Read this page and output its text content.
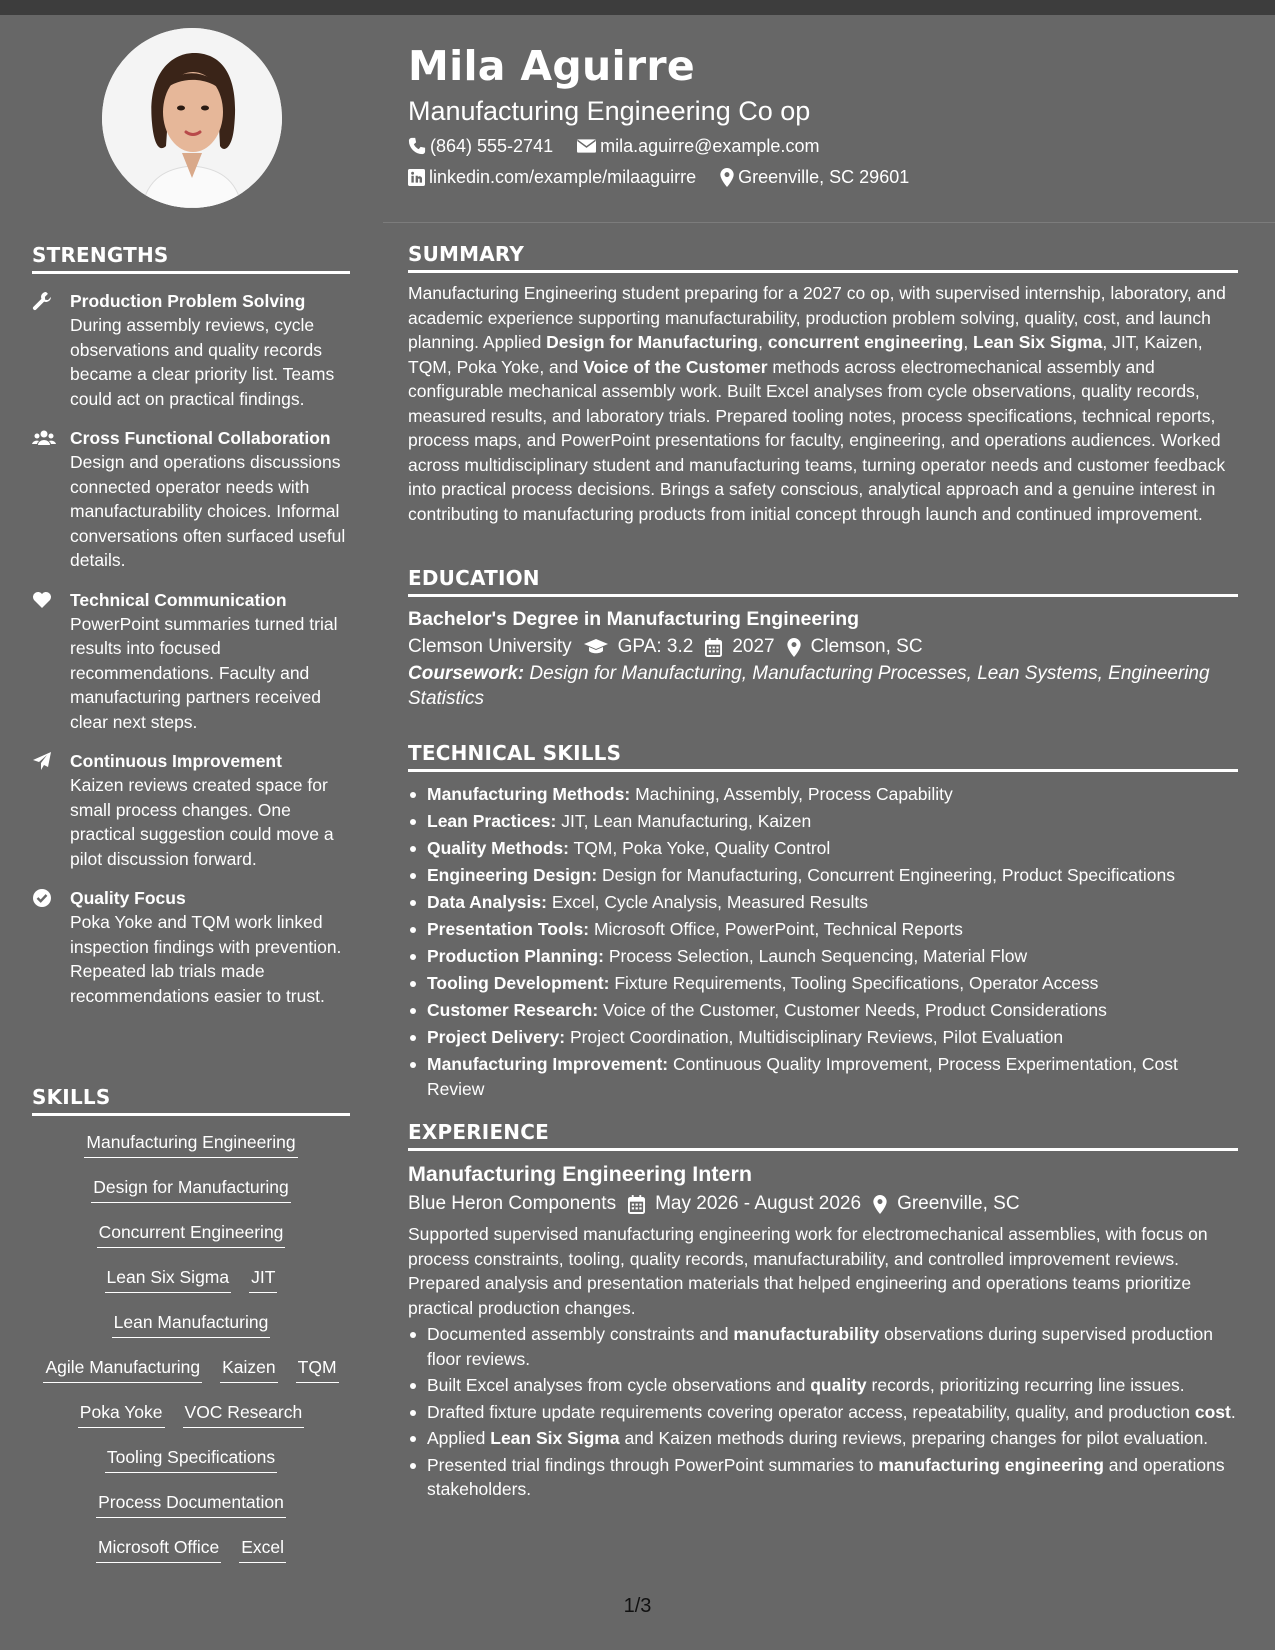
STRENGTHS
Production Problem Solving
During assembly reviews, cycle observations and quality records became a clear priority list. Teams could act on practical findings.
Cross Functional Collaboration
Design and operations discussions connected operator needs with manufacturability choices. Informal conversations often surfaced useful details.
Technical Communication
PowerPoint summaries turned trial results into focused recommendations. Faculty and manufacturing partners received clear next steps.
Continuous Improvement
Kaizen reviews created space for small process changes. One practical suggestion could move a pilot discussion forward.
Quality Focus
Poka Yoke and TQM work linked inspection findings with prevention. Repeated lab trials made recommendations easier to trust.
SKILLS
Manufacturing Engineering
Design for Manufacturing
Concurrent Engineering
Lean Six Sigma JIT
Lean Manufacturing
Agile Manufacturing Kaizen TQM
Poka Yoke VOC Research
Tooling Specifications
Process Documentation
Microsoft Office Excel
Mila Aguirre
Manufacturing Engineering Co op
(864) 555-2741	mila.aguirre@example.com
linkedin.com/example/milaaguirre Greenville, SC 29601
SUMMARY

Manufacturing Engineering student preparing for a 2027 co op, with supervised internship, laboratory, and academic experience supporting manufacturability, production problem solving, quality, cost, and launch planning. Applied Design for Manufacturing, concurrent engineering, Lean Six Sigma, JIT, Kaizen, TQM, Poka Yoke, and Voice of the Customer methods across electromechanical assembly and configurable mechanical assembly work. Built Excel analyses from cycle observations, quality records, measured results, and laboratory trials. Prepared tooling notes, process specifications, technical reports, process maps, and PowerPoint presentations for faculty, engineering, and operations audiences. Worked across multidisciplinary student and manufacturing teams, turning operator needs and customer feedback into practical process decisions. Brings a safety conscious, analytical approach and a genuine interest in contributing to manufacturing products from initial concept through launch and continued improvement.

EDUCATION
Bachelor's Degree in Manufacturing Engineering
Clemson University GPA: 3.2 2027 Clemson, SC
Coursework: Design for Manufacturing, Manufacturing Processes, Lean Systems, Engineering Statistics
TECHNICAL SKILLS
Manufacturing Methods: Machining, Assembly, Process Capability
Lean Practices: JIT, Lean Manufacturing, Kaizen
Quality Methods: TQM, Poka Yoke, Quality Control
Engineering Design: Design for Manufacturing, Concurrent Engineering, Product Specifications
Data Analysis: Excel, Cycle Analysis, Measured Results
Presentation Tools: Microsoft Office, PowerPoint, Technical Reports
Production Planning: Process Selection, Launch Sequencing, Material Flow
Tooling Development: Fixture Requirements, Tooling Specifications, Operator Access
Customer Research: Voice of the Customer, Customer Needs, Product Considerations
Project Delivery: Project Coordination, Multidisciplinary Reviews, Pilot Evaluation
Manufacturing Improvement: Continuous Quality Improvement, Process Experimentation, Cost Review
EXPERIENCE
Manufacturing Engineering Intern
Blue Heron Components May 2026 - August 2026 Greenville, SC

Supported supervised manufacturing engineering work for electromechanical assemblies, with focus on process constraints, tooling, quality records, manufacturability, and controlled improvement reviews. Prepared analysis and presentation materials that helped engineering and operations teams prioritize practical production changes.

Documented assembly constraints and manufacturability observations during supervised production floor reviews.
Built Excel analyses from cycle observations and quality records, prioritizing recurring line issues.
Drafted fixture update requirements covering operator access, repeatability, quality, and production cost.
Applied Lean Six Sigma and Kaizen methods during reviews, preparing changes for pilot evaluation.
Presented trial findings through PowerPoint summaries to manufacturing engineering and operations stakeholders.
1/3
